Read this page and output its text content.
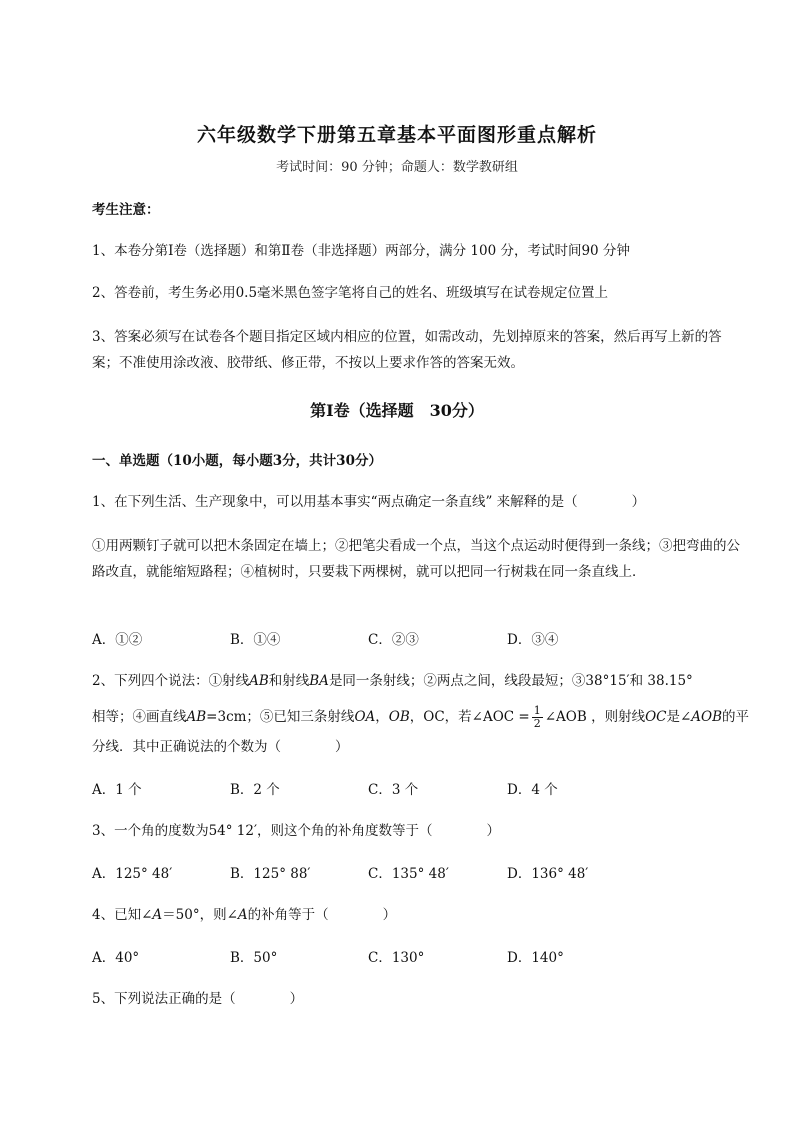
六年级数学下册第五章基本平面图形重点解析
考试时间：90 分钟；命题人：数学教研组
考生注意：
1、本卷分第Ⅰ卷（选择题）和第Ⅱ卷（非选择题）两部分，满分 100 分，考试时间90 分钟
2、答卷前，考生务必用0.5毫米黑色签字笔将自己的姓名、班级填写在试卷规定位置上
3、答案必须写在试卷各个题目指定区域内相应的位置，如需改动，先划掉原来的答案，然后再写上新的答案；不准使用涂改液、胶带纸、修正带，不按以上要求作答的答案无效。
第Ⅰ卷（选择题　30分）
一、单选题（10小题，每小题3分，共计30分）
1、在下列生活、生产现象中，可以用基本事实“两点确定一条直线” 来解释的是（　　　　）
①用两颗钉子就可以把木条固定在墙上；②把笔尖看成一个点，当这个点运动时便得到一条线；③把弯曲的公路改直，就能缩短路程；④植树时，只要栽下两棵树，就可以把同一行树栽在同一条直线上．
A．①②	B．①④	C．②③	D．③④
2、下列四个说法：①射线AB和射线BA是同一条射线；②两点之间，线段最短；③38°15′和 38.15°
相等；④画直线AB=3cm；⑤已知三条射线OA，OB，OC，若∠AOC = $\frac{1}{2}$ ∠AOB ，则射线OC是∠AOB的平
分线．其中正确说法的个数为（　　　　）
A．1 个	B．2 个	C．3 个	D．4 个
3、一个角的度数为54° 12′，则这个角的补角度数等于（　　　　）
A．125° 48′	B．125° 88′	C．135° 48′	D．136° 48′
4、已知∠A＝50°，则∠A的补角等于（　　　　）
A．40°	B．50°	C．130°	D．140°
5、下列说法正确的是（　　　　）
